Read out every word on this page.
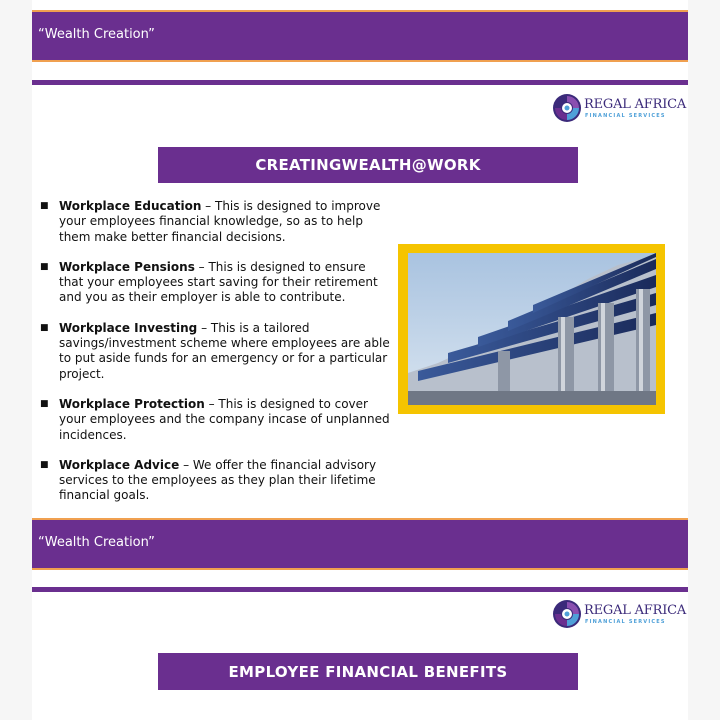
“Wealth Creation”
REGAL AFRICA
FINANCIAL SERVICES
CREATINGWEALTH@WORK
■ Workplace Education – This is designed to improve your employees financial knowledge, so as to help them make better financial decisions.
■ Workplace Pensions – This is designed to ensure that your employees start saving for their retirement and you as their employer is able to contribute.
■ Workplace Investing – This is a tailored savings/investment scheme where employees are able to put aside funds for an emergency or for a particular project.
■ Workplace Protection – This is designed to cover your employees and the company incase of unplanned incidences.
■ Workplace Advice – We offer the financial advisory services to the employees as they plan their lifetime financial goals.
“Wealth Creation”
REGAL AFRICA
FINANCIAL SERVICES
EMPLOYEE FINANCIAL BENEFITS
